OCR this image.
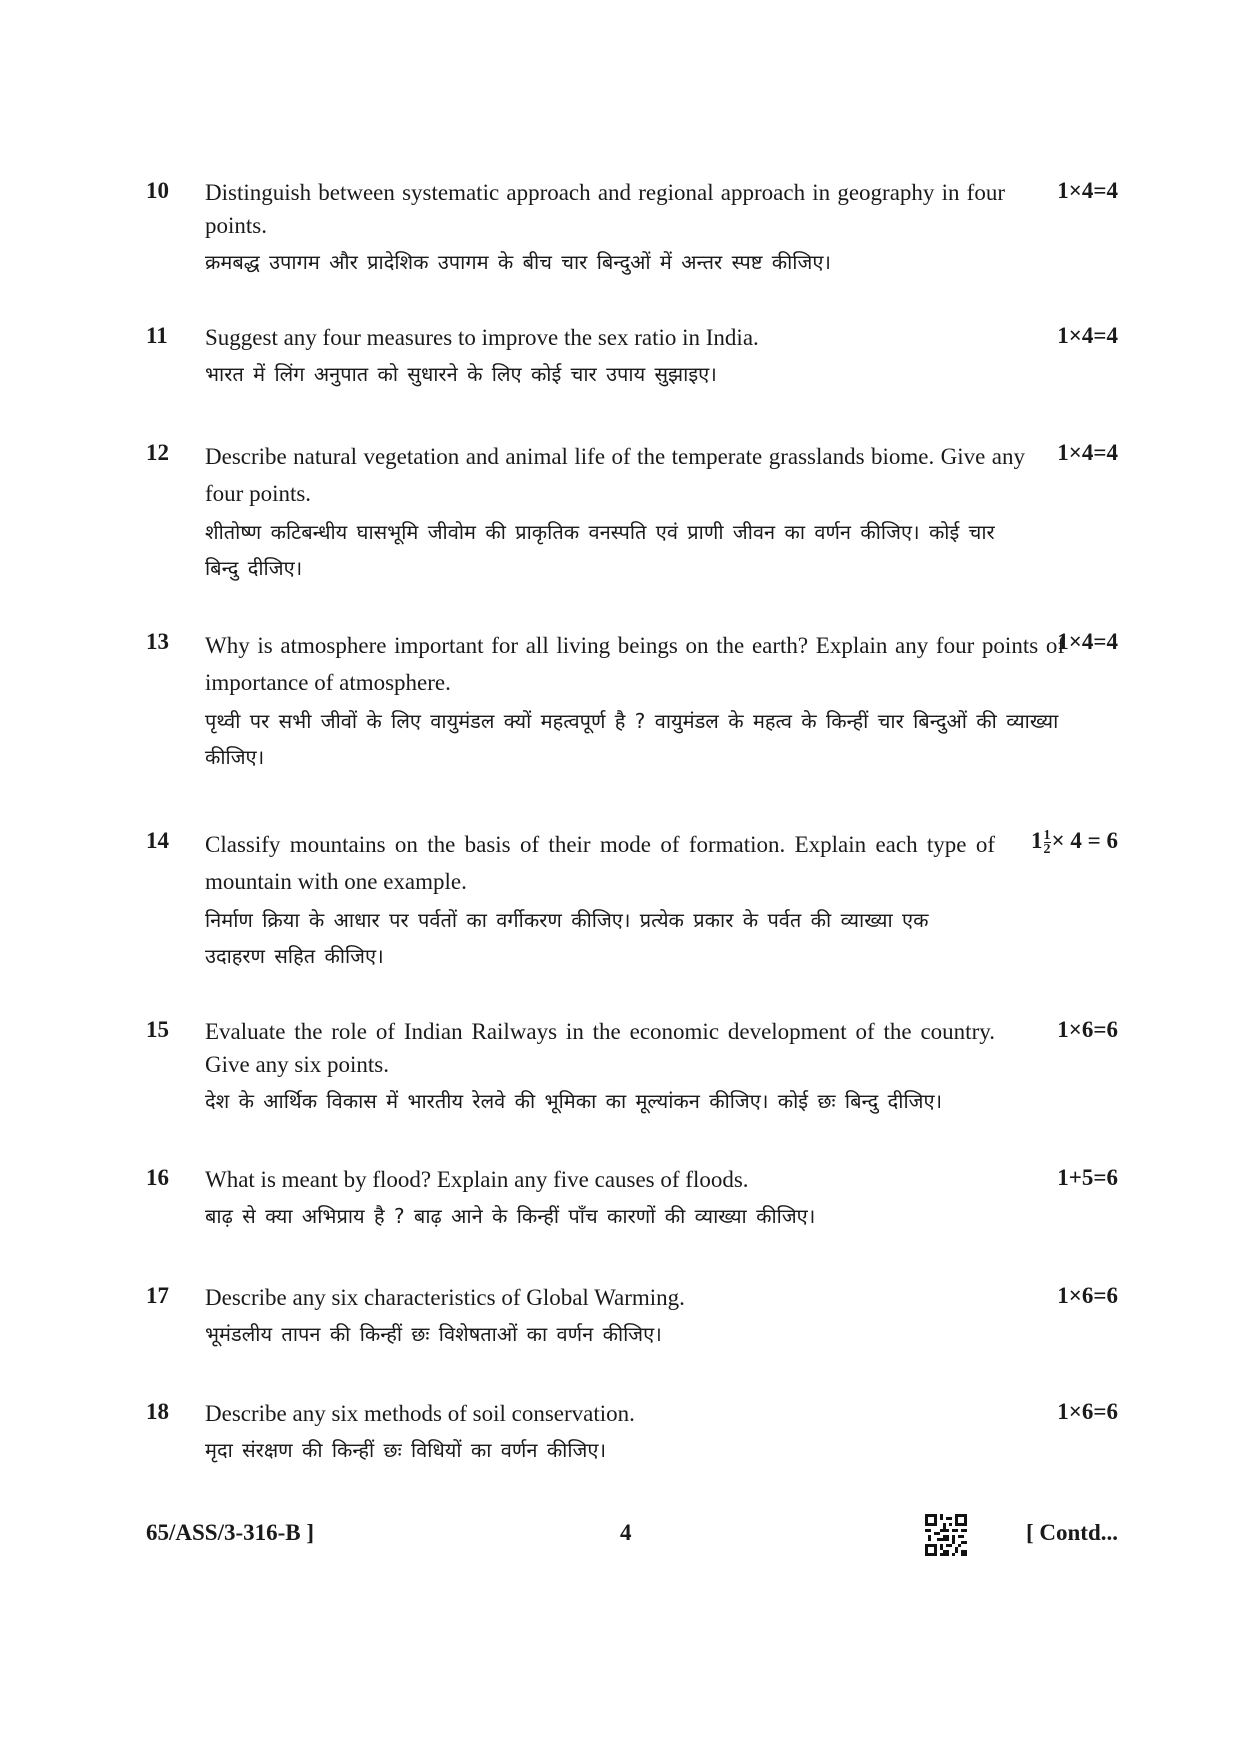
10 Distinguish between systematic approach and regional approach in geography in four points.

क्रमबद्ध उपागम और प्रादेशिक उपागम के बीच चार बिन्दुओं में अन्तर स्पष्ट कीजिए।

1×4=4
11 Suggest any four measures to improve the sex ratio in India.

भारत में लिंग अनुपात को सुधारने के लिए कोई चार उपाय सुझाइए।

1×4=4
12 Describe natural vegetation and animal life of the temperate grasslands biome. Give any four points.

शीतोष्ण कटिबन्धीय घासभूमि जीवोम की प्राकृतिक वनस्पति एवं प्राणी जीवन का वर्णन कीजिए। कोई चार बिन्दु दीजिए।

1×4=4
13 Why is atmosphere important for all living beings on the earth? Explain any four points of importance of atmosphere.

पृथ्वी पर सभी जीवों के लिए वायुमंडल क्यों महत्वपूर्ण है ? वायुमंडल के महत्व के किन्हीं चार बिन्दुओं की व्याख्या कीजिए।

1×4=4
14 Classify mountains on the basis of their mode of formation. Explain each type of mountain with one example.

निर्माण क्रिया के आधार पर पर्वतों का वर्गीकरण कीजिए। प्रत्येक प्रकार के पर्वत की व्याख्या एक उदाहरण सहित कीजिए।

$1 \frac{1}{2} \times 4 = 6$
15 Evaluate the role of Indian Railways in the economic development of the country. Give any six points.

देश के आर्थिक विकास में भारतीय रेलवे की भूमिका का मूल्यांकन कीजिए। कोई छः बिन्दु दीजिए।

1×6=6
16 What is meant by flood? Explain any five causes of floods.

बाढ़ से क्या अभिप्राय है ? बाढ़ आने के किन्हीं पाँच कारणों की व्याख्या कीजिए।

1+5=6
17 Describe any six characteristics of Global Warming.

भूमंडलीय तापन की किन्हीं छः विशेषताओं का वर्णन कीजिए।

1×6=6
18 Describe any six methods of soil conservation.

मृदा संरक्षण की किन्हीं छः विधियों का वर्णन कीजिए।

1×6=6
65/ASS/3-316-B ]	4	[ Contd...
